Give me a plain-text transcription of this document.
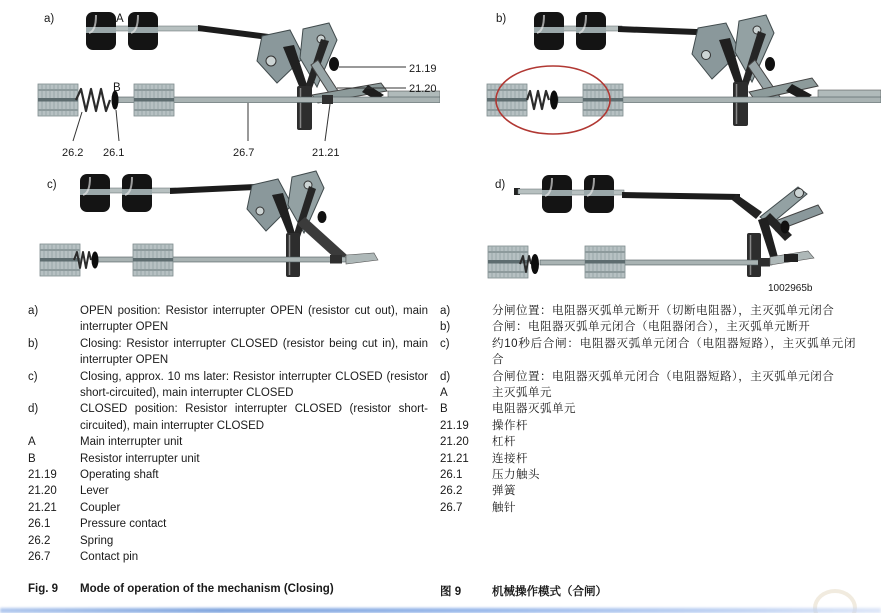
a)	A
B
21.19
21.20
26.2 26.1	26.7	21.21
b)
c)	d)
1002965b
a)	OPEN position: Resistor interrupter OPEN (resistor cut out), main interrupter OPEN
b)	Closing: Resistor interrupter CLOSED (resistor being cut in), main interrupter OPEN
c)	Closing, approx. 10 ms later: Resistor interrupter CLOSED (resistor short-circuited), main interrupter CLOSED
d)	CLOSED position: Resistor interrupter CLOSED (resistor short-circuited), main interrupter CLOSED
A	Main interrupter unit
B	Resistor interrupter unit
21.19	Operating shaft
21.20	Lever
21.21	Coupler
26.1	Pressure contact
26.2	Spring
26.7	Contact pin
a)	分闸位置：电阻器灭弧单元断开（切断电阻器），主灭弧单元闭合
b)	合闸：电阻器灭弧单元闭合（电阻器闭合），主灭弧单元断开
c)	约10秒后合闸：电阻器灭弧单元闭合（电阻器短路），主灭弧单元闭合
d)	合闸位置：电阻器灭弧单元闭合（电阻器短路），主灭弧单元闭合
A	主灭弧单元
B	电阻器灭弧单元
21.19	操作杆
21.20	杠杆
21.21	连接杆
26.1	压力触头
26.2	弹簧
26.7	触针
Fig. 9	Mode of operation of the mechanism (Closing)	图 9	机械操作模式（合闸）
